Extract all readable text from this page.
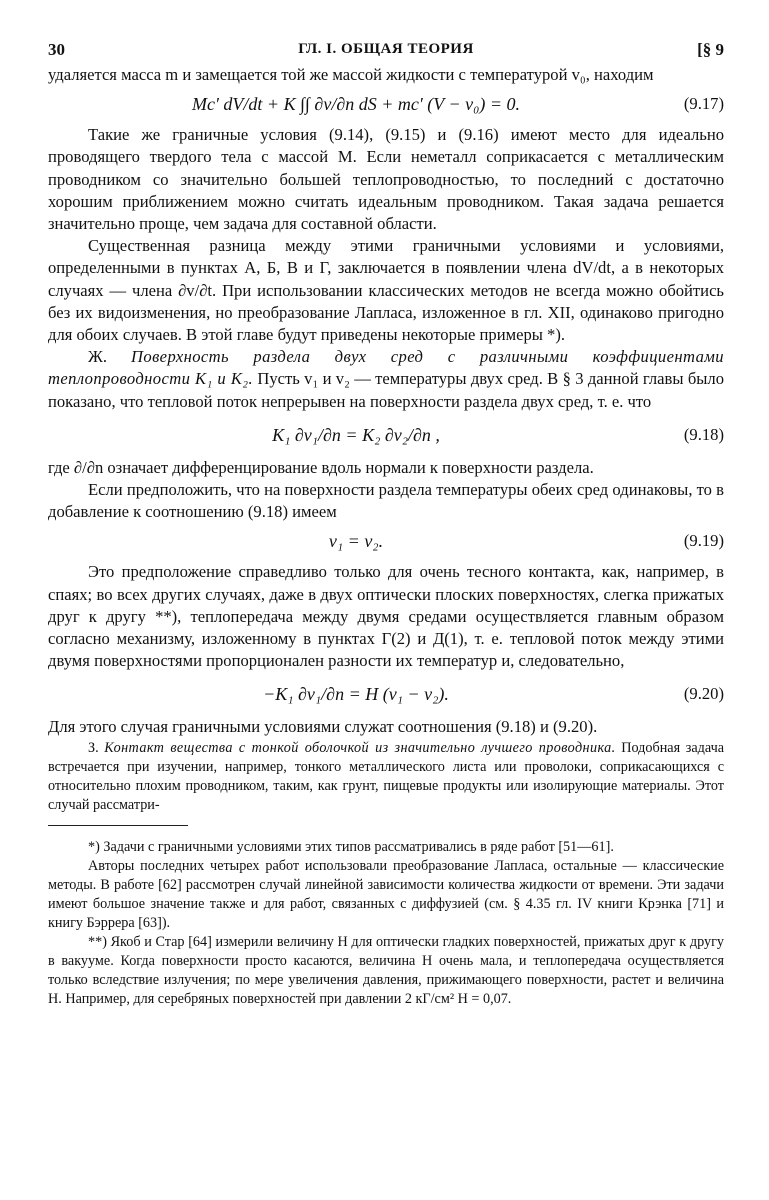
30	ГЛ. I. ОБЩАЯ ТЕОРИЯ	[§ 9

удаляется масса m и замещается той же массой жидкости с температурой v₀, находим

Mc′ dV/dt + K ∫∫ ∂v/∂n dS + mc′ (V − v₀) = 0.	(9.17)

Такие же граничные условия (9.14), (9.15) и (9.16) имеют место для идеально проводящего твердого тела с массой M. Если неметалл соприкасается с металлическим проводником со значительно большей теплопроводностью, то последний с достаточно хорошим приближением можно считать идеальным проводником. Такая задача решается значительно проще, чем задача для составной области.

Существенная разница между этими граничными условиями и условиями, определенными в пунктах А, Б, В и Г, заключается в появлении члена dV/dt, а в некоторых случаях — члена ∂v/∂t. При использовании классических методов не всегда можно обойтись без их видоизменения, но преобразование Лапласа, изложенное в гл. XII, одинаково пригодно для обоих случаев. В этой главе будут приведены некоторые примеры *).

Ж. Поверхность раздела двух сред с различными коэффициентами теплопроводности K₁ и K₂. Пусть v₁ и v₂ — температуры двух сред. В § 3 данной главы было показано, что тепловой поток непрерывен на поверхности раздела двух сред, т. е. что

K₁ ∂v₁/∂n = K₂ ∂v₂/∂n ,	(9.18)

где ∂/∂n означает дифференцирование вдоль нормали к поверхности раздела.

Если предположить, что на поверхности раздела температуры обеих сред одинаковы, то в добавление к соотношению (9.18) имеем

v₁ = v₂.	(9.19)

Это предположение справедливо только для очень тесного контакта, как, например, в спаях; во всех других случаях, даже в двух оптически плоских поверхностях, слегка прижатых друг к другу **), теплопередача между двумя средами осуществляется главным образом согласно механизму, изложенному в пунктах Г(2) и Д(1), т. е. тепловой поток между этими двумя поверхностями пропорционален разности их температур и, следовательно,

−K₁ ∂v₁/∂n = H (v₁ − v₂).	(9.20)

Для этого случая граничными условиями служат соотношения (9.18) и (9.20).

З. Контакт вещества с тонкой оболочкой из значительно лучшего проводника. Подобная задача встречается при изучении, например, тонкого металлического листа или проволоки, соприкасающихся с относительно плохим проводником, таким, как грунт, пищевые продукты или изолирующие материалы. Этот случай рассматри-

*) Задачи с граничными условиями этих типов рассматривались в ряде работ [51—61].

Авторы последних четырех работ использовали преобразование Лапласа, остальные — классические методы. В работе [62] рассмотрен случай линейной зависимости количества жидкости от времени. Эти задачи имеют большое значение также и для работ, связанных с диффузией (см. § 4.35 гл. IV книги Крэнка [71] и книгу Бэррера [63]).

**) Якоб и Стар [64] измерили величину H для оптически гладких поверхностей, прижатых друг к другу в вакууме. Когда поверхности просто касаются, величина H очень мала, и теплопередача осуществляется только вследствие излучения; по мере увеличения давления, прижимающего поверхности, растет и величина H. Например, для серебряных поверхностей при давлении 2 кГ/см² H = 0,07.
